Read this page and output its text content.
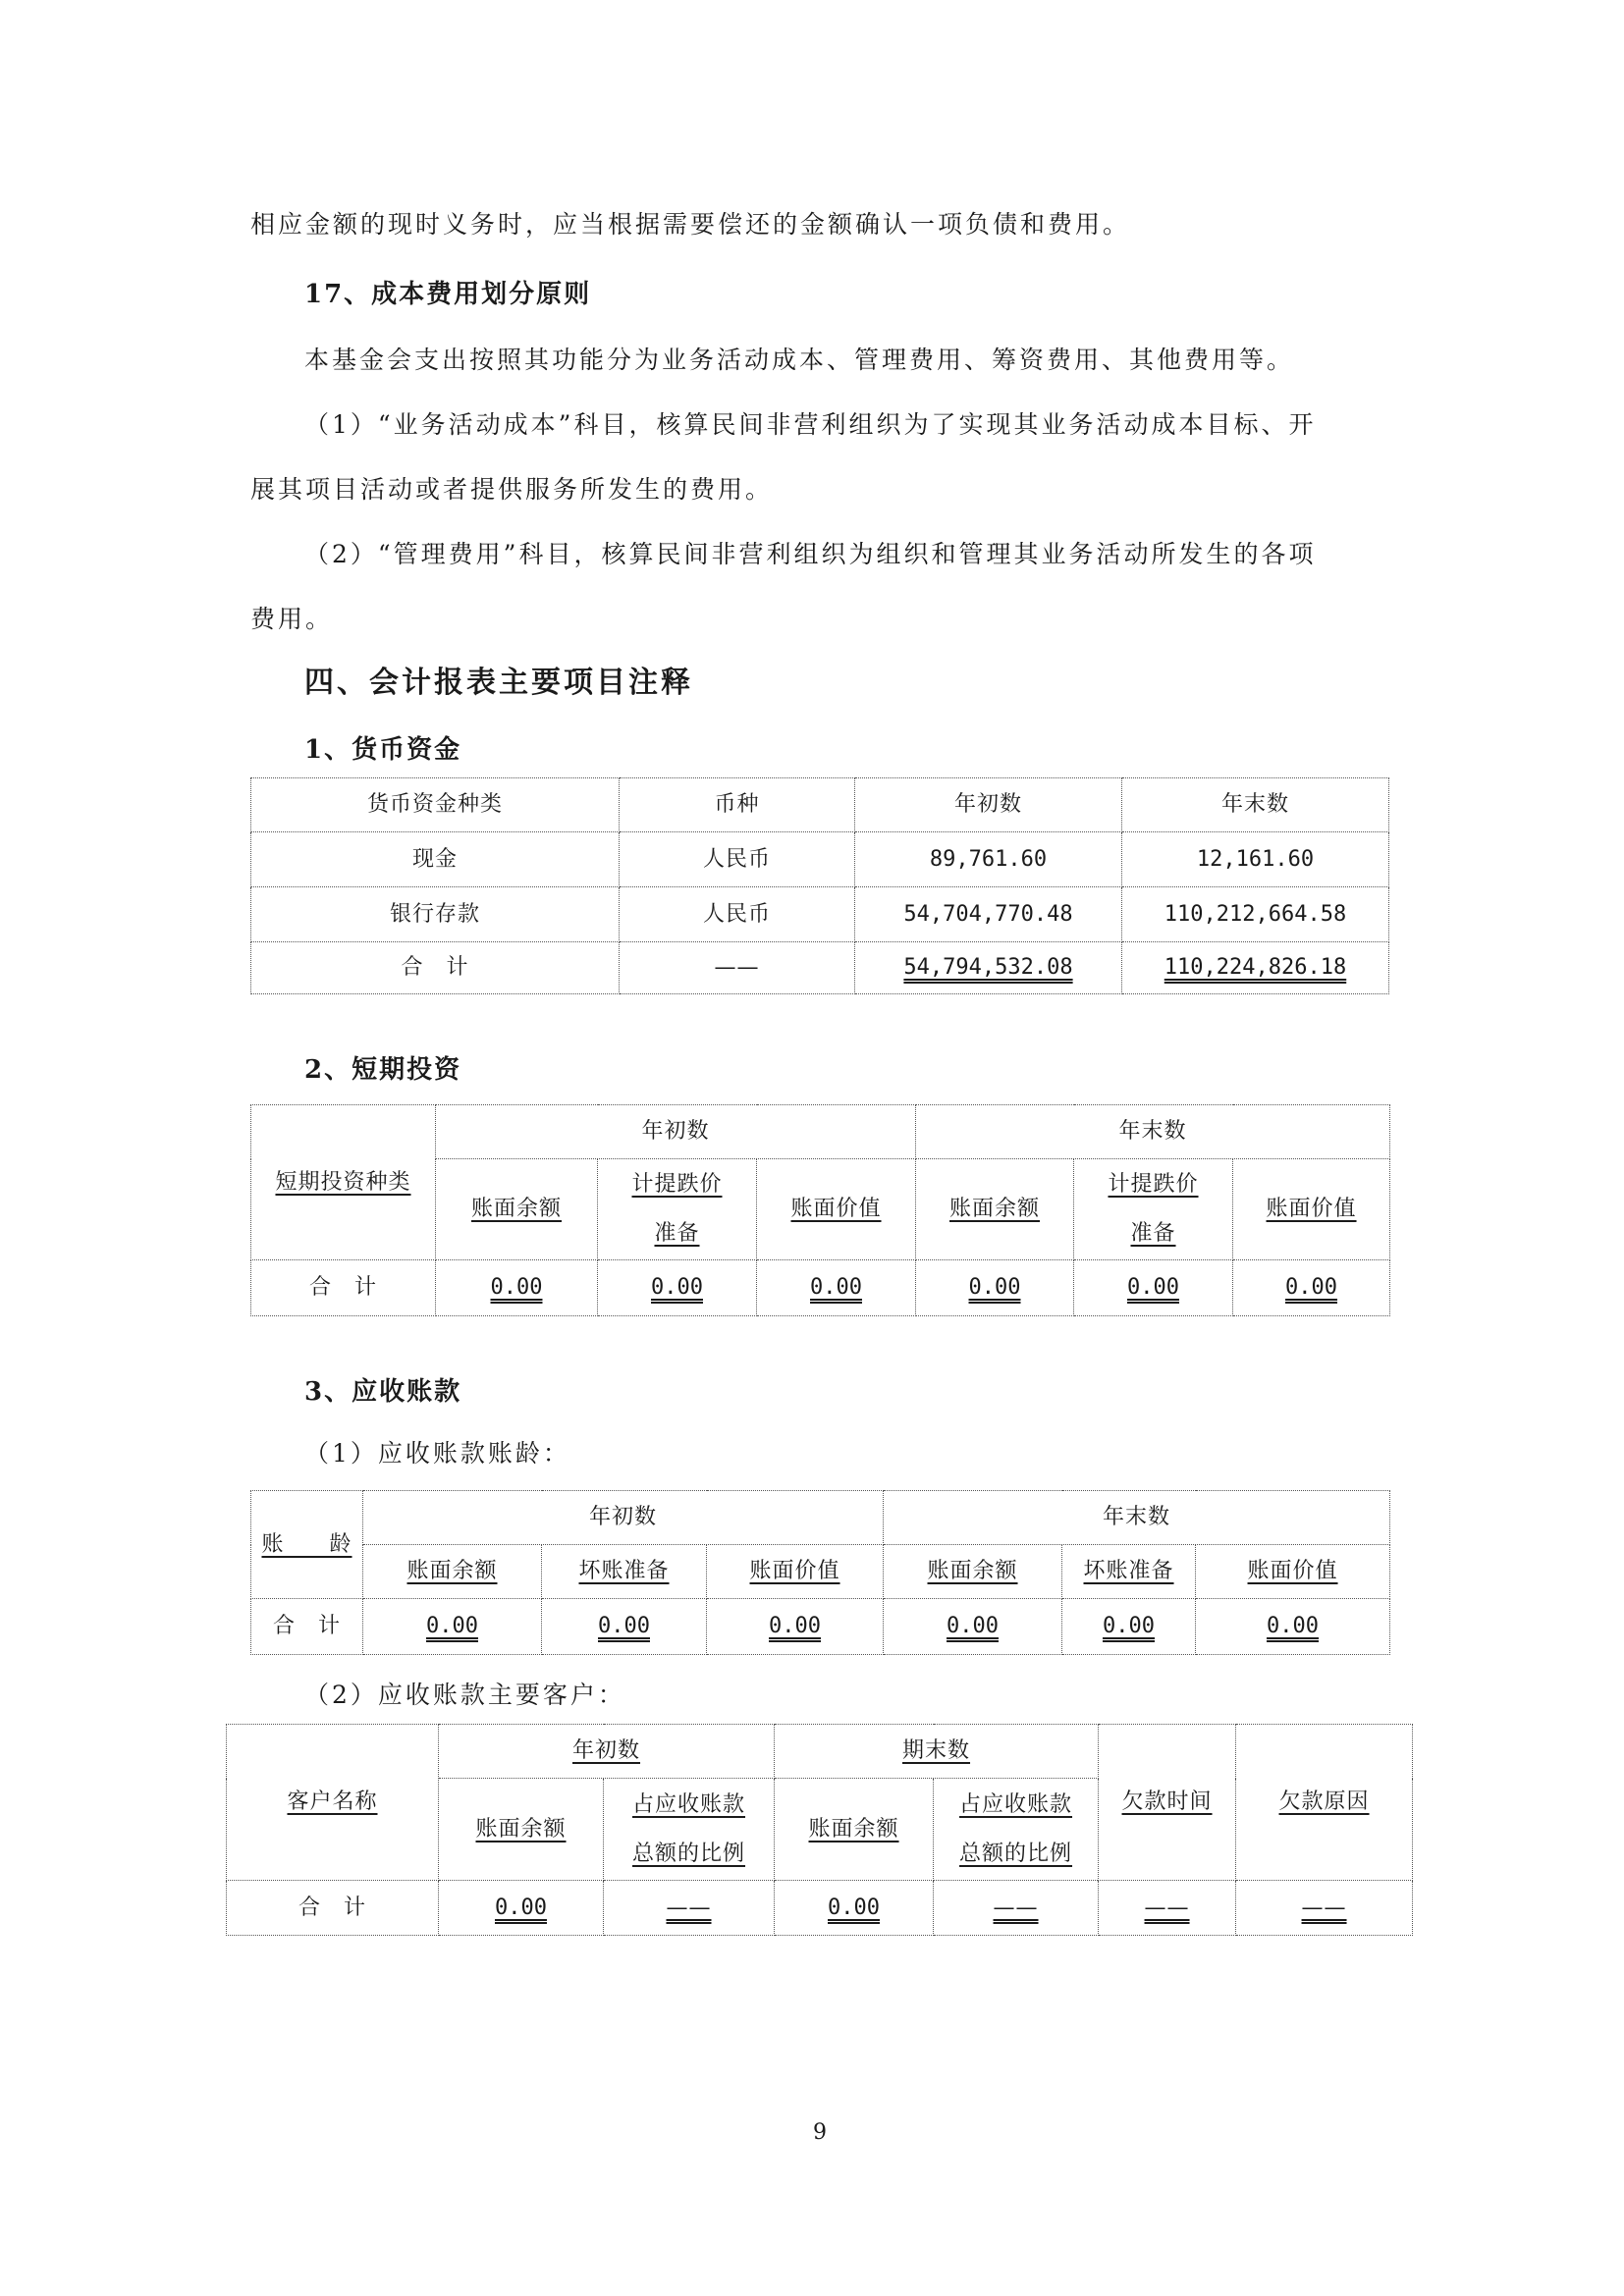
相应金额的现时义务时，应当根据需要偿还的金额确认一项负债和费用。
17、成本费用划分原则
本基金会支出按照其功能分为业务活动成本、管理费用、筹资费用、其他费用等。
（1）“业务活动成本”科目，核算民间非营利组织为了实现其业务活动成本目标、开
展其项目活动或者提供服务所发生的费用。
（2）“管理费用”科目，核算民间非营利组织为组织和管理其业务活动所发生的各项
费用。
四、会计报表主要项目注释
1、货币资金
货币资金种类	币种	年初数	年末数
现金	人民币	89,761.60	12,161.60
银行存款	人民币	54,704,770.48	110,212,664.58
合　计	——	54,794,532.08	110,224,826.18
2、短期投资
短期投资种类	年初数			年末数		
	账面余额	计提跌价准备	账面价值	账面余额	计提跌价准备	账面价值
合　计	0.00	0.00	0.00	0.00	0.00	0.00
3、应收账款
（1）应收账款账龄：
账　　龄	年初数			年末数		
	账面余额	坏账准备	账面价值	账面余额	坏账准备	账面价值
合　计	0.00	0.00	0.00	0.00	0.00	0.00
（2）应收账款主要客户：
客户名称	年初数		期末数		欠款时间	欠款原因
	账面余额	占应收账款总额的比例	账面余额	占应收账款总额的比例		
合　计	0.00	——	0.00	——	——	——
9
